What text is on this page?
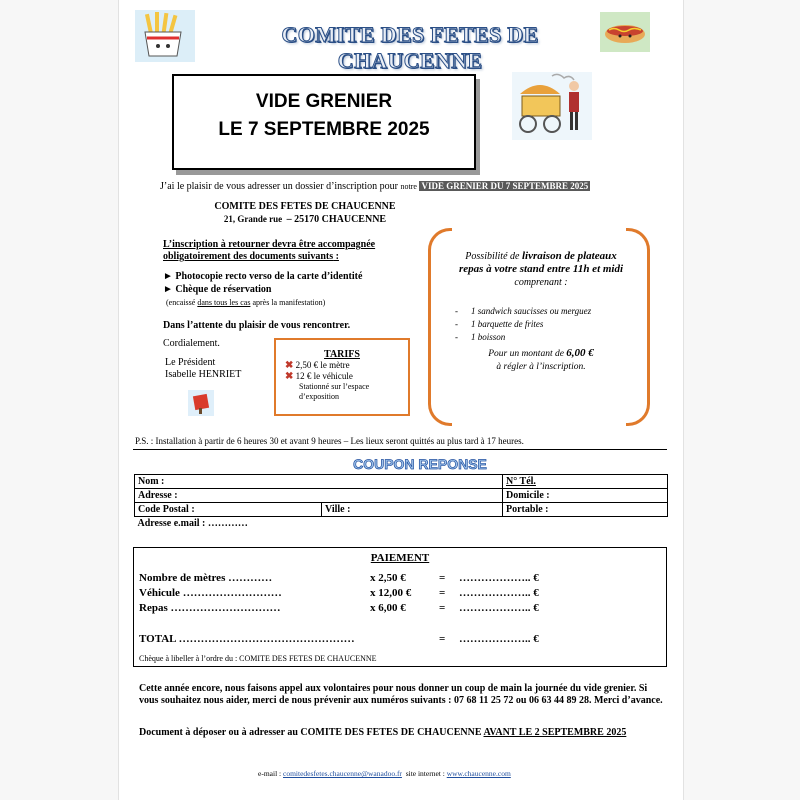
COMITE DES FETES DE CHAUCENNE
VIDE GRENIER
LE 7 SEPTEMBRE 2025
J’ai le plaisir de vous adresser un dossier d’inscription pour notre VIDE GRENIER DU 7 SEPTEMBRE 2025
COMITE DES FETES DE CHAUCENNE
21, Grande rue – 25170 CHAUCENNE
L’inscription à retourner devra être accompagnée obligatoirement des documents suivants :
► Photocopie recto verso de la carte d’identité
► Chèque de réservation
(encaissé dans tous les cas après la manifestation)
Dans l’attente du plaisir de vous rencontrer.
Cordialement.
Le Président
Isabelle HENRIET
TARIFS
✖ 2,50 € le mètre
✖ 12 € le véhicule
Stationné sur l’espace
d’exposition
Possibilité de livraison de plateaux
repas à votre stand entre 11h et midi
comprenant :
- 1 sandwich saucisses ou merguez
- 1 barquette de frites
- 1 boisson
Pour un montant de 6,00 €
à régler à l’inscription.
P.S. : Installation à partir de 6 heures 30 et avant 9 heures – Les lieux seront quittés au plus tard à 17 heures.
COUPON REPONSE
Nom :		N° Tél.
Adresse :		Domicile :
Code Postal :	Ville :	Portable :
Adresse e.mail : …………		
PAIEMENT
Nombre de mètres …………	x 2,50 €	= ……………….. €
Véhicule ………………………	x 12,00 €	= ……………….. €
Repas …………………………	x 6,00 €	= ……………….. €
TOTAL …………………………………………	= ……………….. €
Chèque à libeller à l’ordre du : COMITE DES FETES DE CHAUCENNE
Cette année encore, nous faisons appel aux volontaires pour nous donner un coup de main la journée du vide grenier. Si vous souhaitez nous aider, merci de nous prévenir aux numéros suivants : 07 68 11 25 72 ou 06 63 44 89 28. Merci d’avance.
Document à déposer ou à adresser au COMITE DES FETES DE CHAUCENNE AVANT LE 2 SEPTEMBRE 2025
e-mail : comitedesfetes.chaucenne@wanadoo.fr site internet : www.chaucenne.com
